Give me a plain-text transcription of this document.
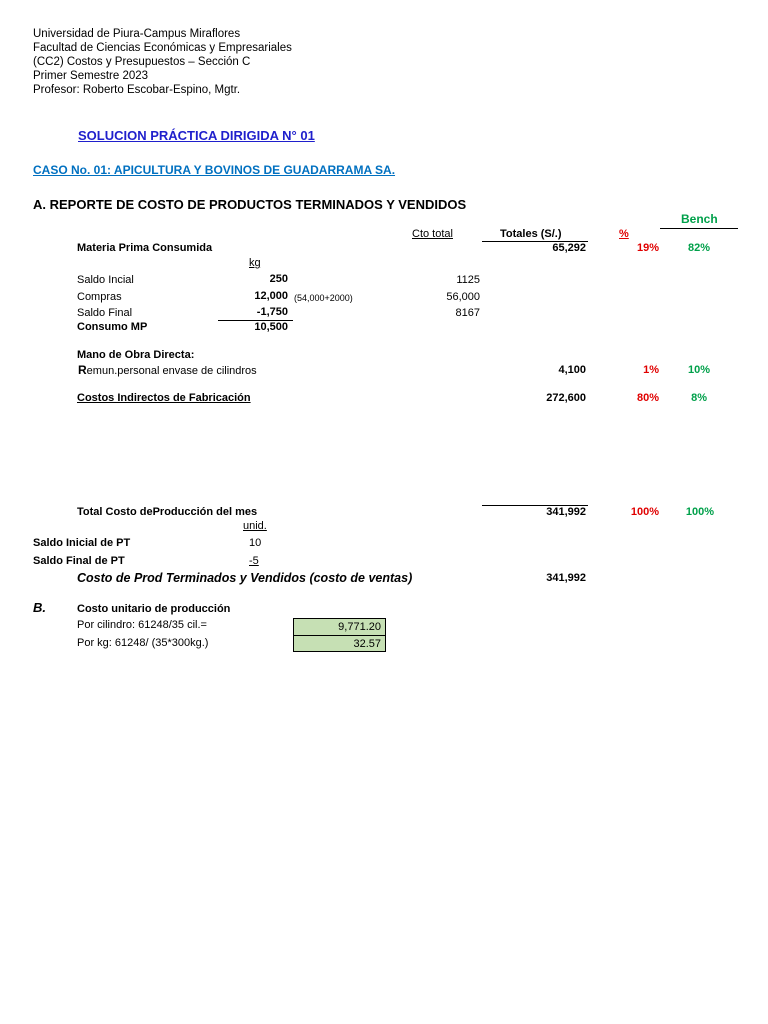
Universidad de Piura-Campus Miraflores
Facultad de Ciencias Económicas y Empresariales
(CC2) Costos y Presupuestos – Sección C
Primer Semestre 2023
Profesor: Roberto Escobar-Espino, Mgtr.
SOLUCION PRÁCTICA DIRIGIDA N° 01
CASO No. 01: APICULTURA Y BOVINOS DE GUADARRAMA SA.
A. REPORTE DE COSTO DE PRODUCTOS TERMINADOS Y VENDIDOS
Bench
Cto total	Totales (S/.)	%
Materia Prima Consumida	65,292	19%	82%
kg
Saldo Incial	250	1125
Compras	12,000 (54,000+2000)	56,000
Saldo Final	-1,750	8167
Consumo MP	10,500
Mano de Obra Directa:
Remun.personal envase de cilindros	4,100	1%	10%
Costos Indirectos de Fabricación	272,600	80%	8%
Total Costo deProducción del mes	341,992	100%	100%
unid.
Saldo Inicial de PT	10
Saldo Final de PT	-5
Costo de Prod Terminados y Vendidos (costo de ventas)	341,992
B.	Costo unitario de producción
Por cilindro: 61248/35 cil.=	9,771.20
Por kg: 61248/ (35*300kg.)	32.57
